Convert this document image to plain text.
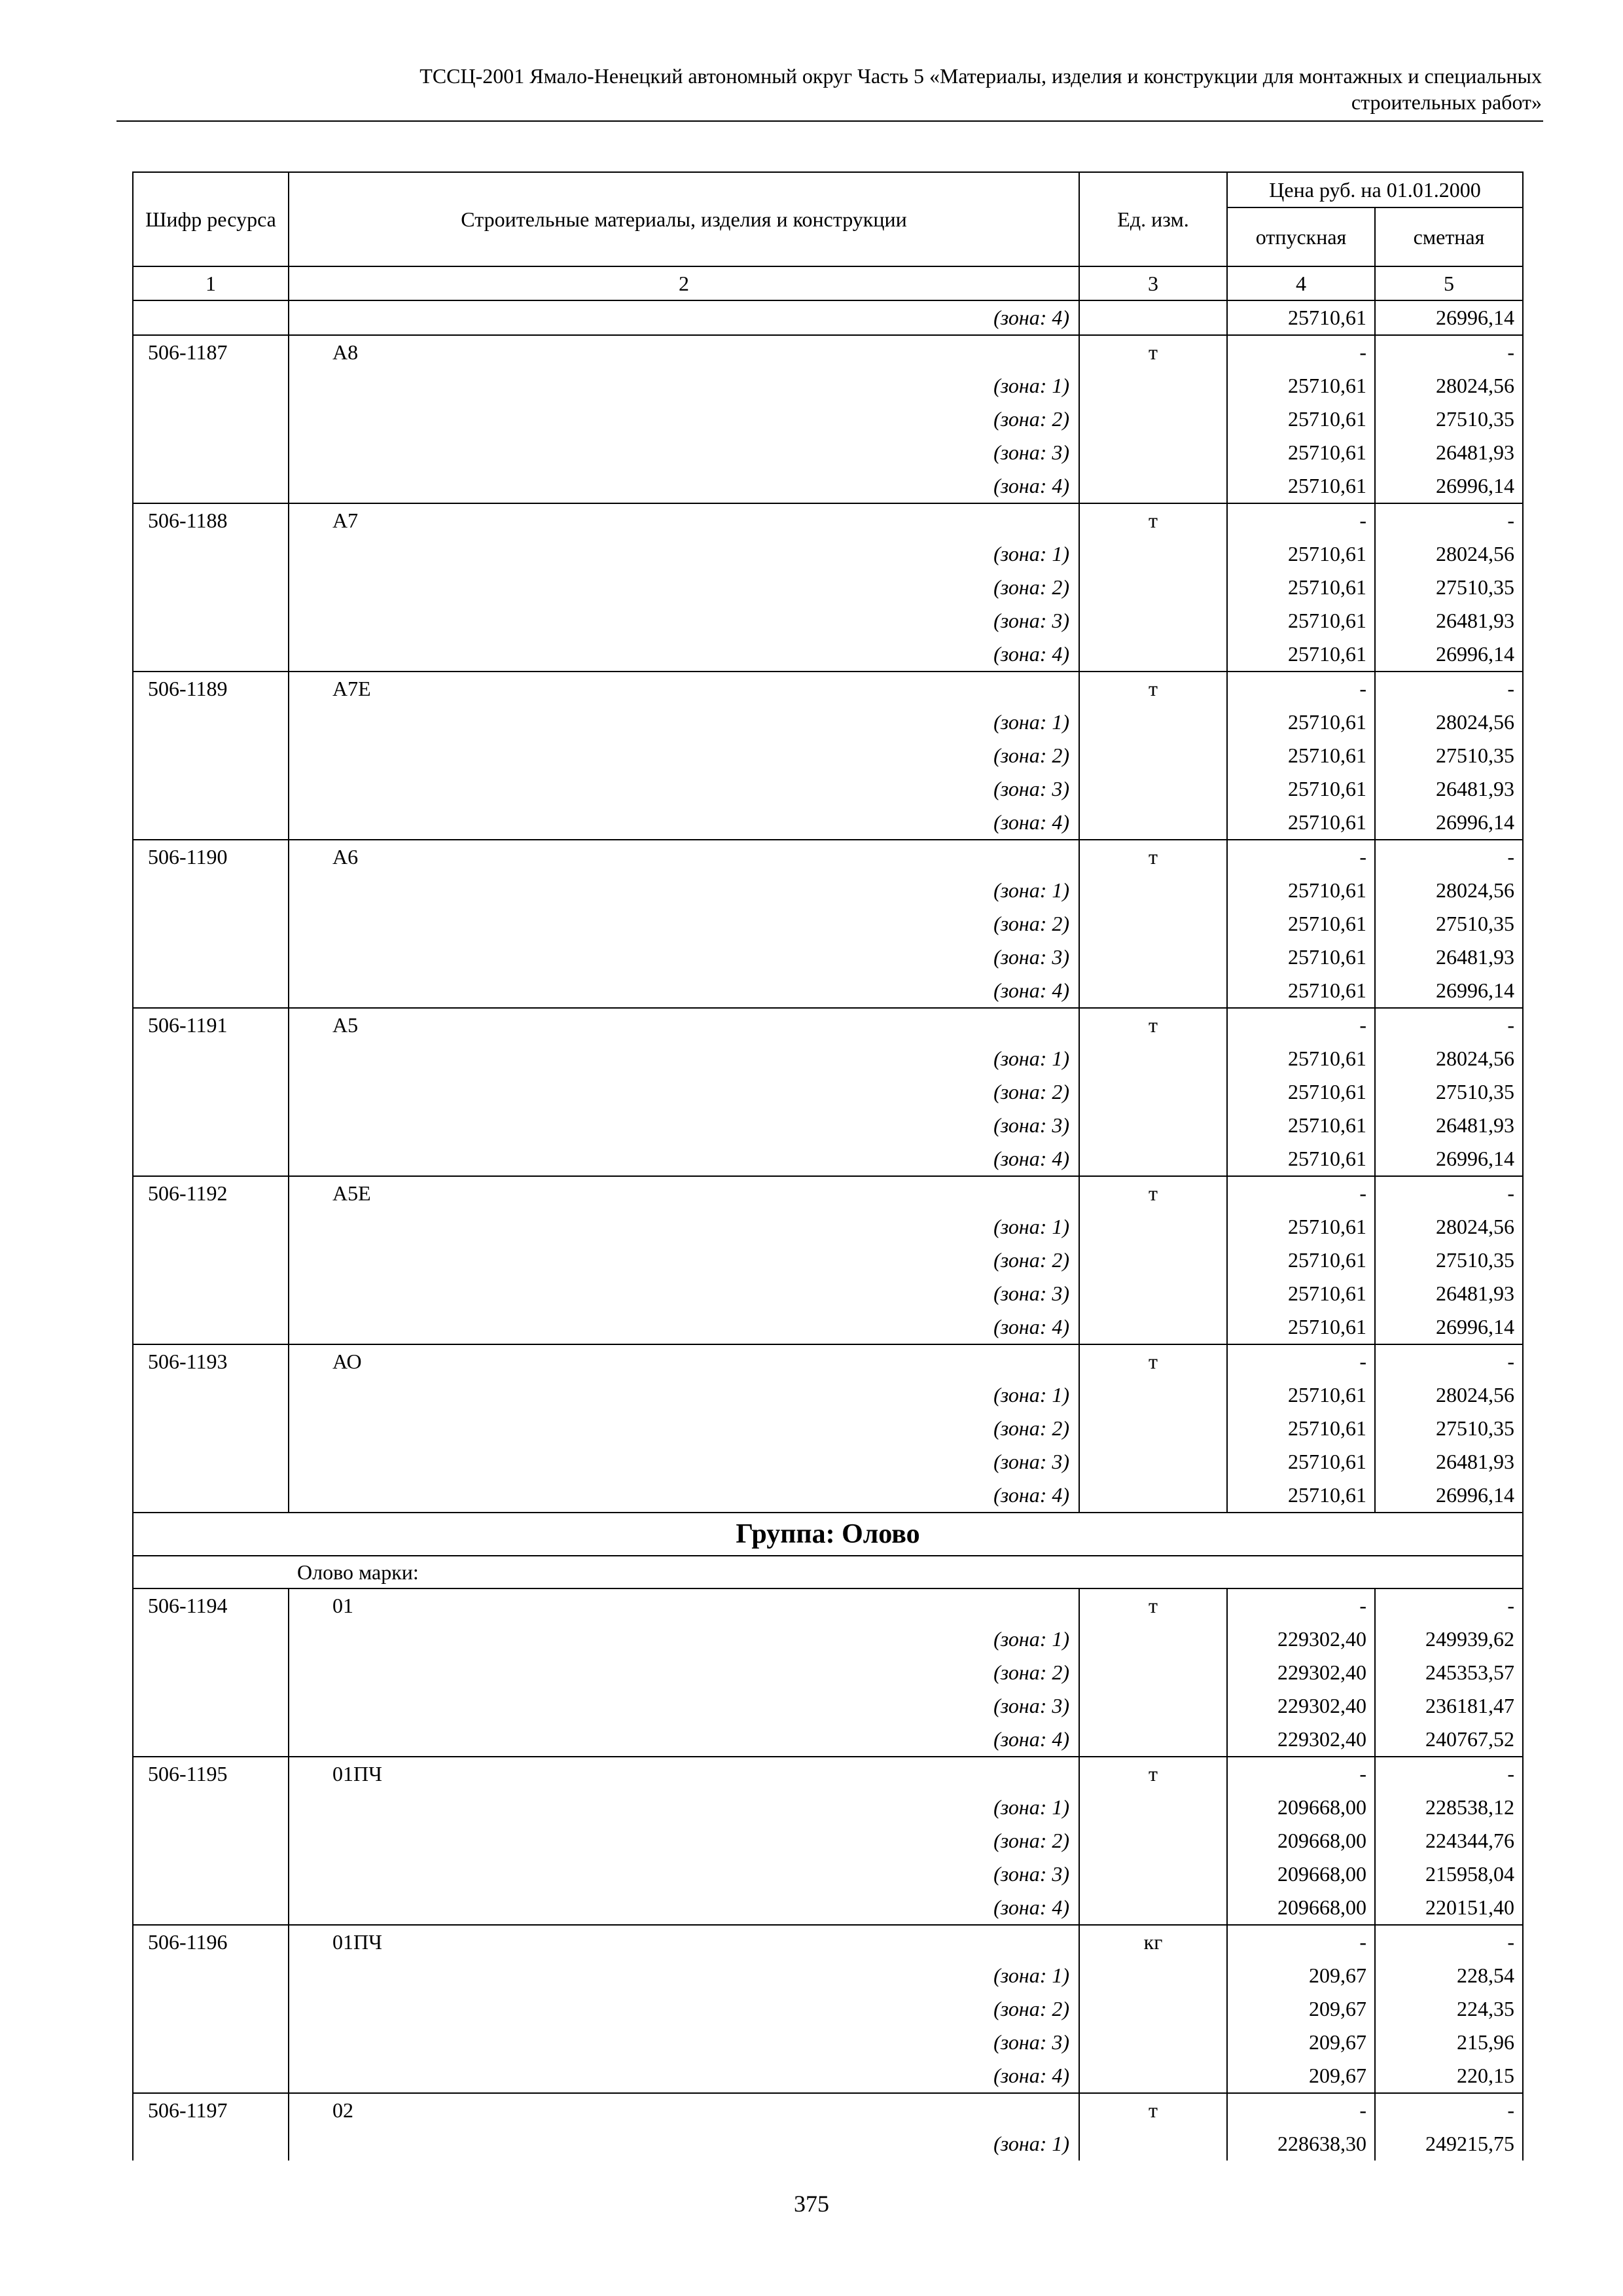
ТССЦ-2001 Ямало-Ненецкий автономный округ Часть 5 «Материалы, изделия и конструкции для монтажных и специальных
строительных работ»
Шифр ресурса	Строительные материалы, изделия и конструкции	Ед. изм.	Цена руб. на 01.01.2000	
			отпускная	сметная
1	2	3	4	5
	(зона: 4)		25710,61	26996,14
506-1187	А8	т	-	-
	(зона: 1)		25710,61	28024,56
	(зона: 2)		25710,61	27510,35
	(зона: 3)		25710,61	26481,93
	(зона: 4)		25710,61	26996,14
506-1188	А7	т	-	-
	(зона: 1)		25710,61	28024,56
	(зона: 2)		25710,61	27510,35
	(зона: 3)		25710,61	26481,93
	(зона: 4)		25710,61	26996,14
506-1189	А7Е	т	-	-
	(зона: 1)		25710,61	28024,56
	(зона: 2)		25710,61	27510,35
	(зона: 3)		25710,61	26481,93
	(зона: 4)		25710,61	26996,14
506-1190	А6	т	-	-
	(зона: 1)		25710,61	28024,56
	(зона: 2)		25710,61	27510,35
	(зона: 3)		25710,61	26481,93
	(зона: 4)		25710,61	26996,14
506-1191	А5	т	-	-
	(зона: 1)		25710,61	28024,56
	(зона: 2)		25710,61	27510,35
	(зона: 3)		25710,61	26481,93
	(зона: 4)		25710,61	26996,14
506-1192	А5Е	т	-	-
	(зона: 1)		25710,61	28024,56
	(зона: 2)		25710,61	27510,35
	(зона: 3)		25710,61	26481,93
	(зона: 4)		25710,61	26996,14
506-1193	АО	т	-	-
	(зона: 1)		25710,61	28024,56
	(зона: 2)		25710,61	27510,35
	(зона: 3)		25710,61	26481,93
	(зона: 4)		25710,61	26996,14
Группа: Олово				
Олово марки:				
506-1194	01	т	-	-
	(зона: 1)		229302,40	249939,62
	(зона: 2)		229302,40	245353,57
	(зона: 3)		229302,40	236181,47
	(зона: 4)		229302,40	240767,52
506-1195	01ПЧ	т	-	-
	(зона: 1)		209668,00	228538,12
	(зона: 2)		209668,00	224344,76
	(зона: 3)		209668,00	215958,04
	(зона: 4)		209668,00	220151,40
506-1196	01ПЧ	кг	-	-
	(зона: 1)		209,67	228,54
	(зона: 2)		209,67	224,35
	(зона: 3)		209,67	215,96
	(зона: 4)		209,67	220,15
506-1197	02	т	-	-
	(зона: 1)		228638,30	249215,75
375
